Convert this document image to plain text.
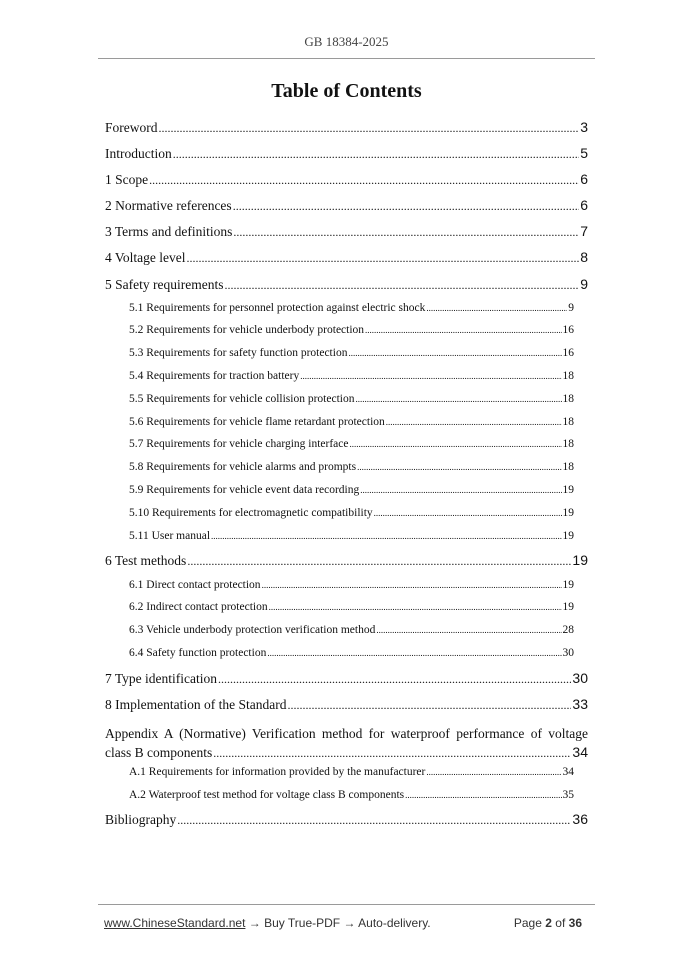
GB 18384-2025
Table of Contents
Foreword .....	3
Introduction .....	5
1 Scope .....	6
2 Normative references .....	6
3 Terms and definitions .....	7
4 Voltage level .....	8
5 Safety requirements .....	9
5.1 Requirements for personnel protection against electric shock .....	9
5.2 Requirements for vehicle underbody protection .....	16
5.3 Requirements for safety function protection .....	16
5.4 Requirements for traction battery .....	18
5.5 Requirements for vehicle collision protection .....	18
5.6 Requirements for vehicle flame retardant protection .....	18
5.7 Requirements for vehicle charging interface .....	18
5.8 Requirements for vehicle alarms and prompts .....	18
5.9 Requirements for vehicle event data recording .....	19
5.10 Requirements for electromagnetic compatibility .....	19
5.11 User manual .....	19
6 Test methods .....	19
6.1 Direct contact protection .....	19
6.2 Indirect contact protection .....	19
6.3 Vehicle underbody protection verification method .....	28
6.4 Safety function protection .....	30
7 Type identification .....	30
8 Implementation of the Standard .....	33
Appendix A (Normative) Verification method for waterproof performance of voltage
class B components .....	34
A.1 Requirements for information provided by the manufacturer .....	34
A.2 Waterproof test method for voltage class B components .....	35
Bibliography .....	36
www.ChineseStandard.net → Buy True-PDF → Auto-delivery.	Page 2 of 36
